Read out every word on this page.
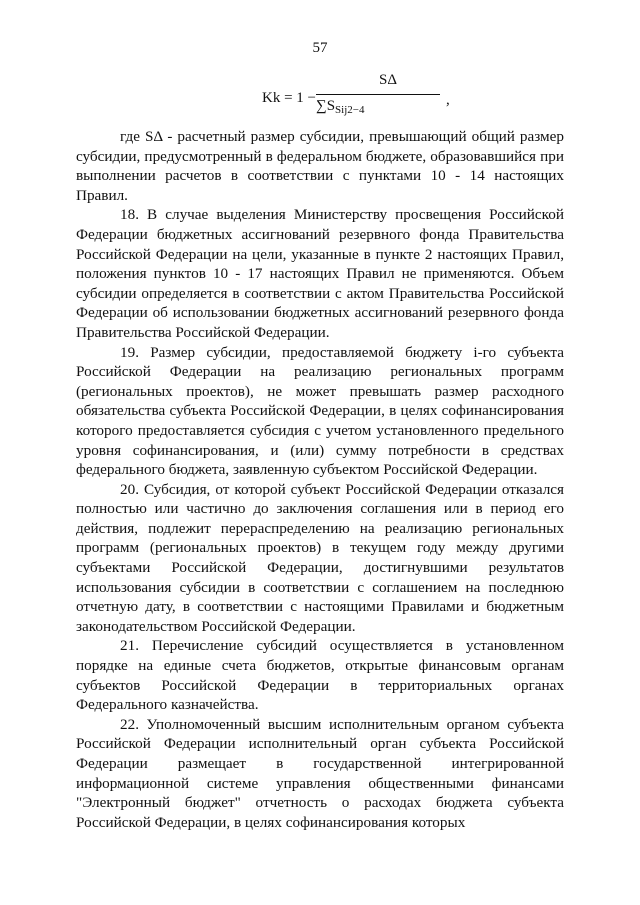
57
Kk = 1 −
SΔ
$\sum S_{Sij2-4}$
,

где SΔ - расчетный размер субсидии, превышающий общий размер субсидии, предусмотренный в федеральном бюджете, образовавшийся при выполнении расчетов в соответствии с пунктами 10 - 14 настоящих Правил.

18. В случае выделения Министерству просвещения Российской Федерации бюджетных ассигнований резервного фонда Правительства Российской Федерации на цели, указанные в пункте 2 настоящих Правил, положения пунктов 10 - 17 настоящих Правил не применяются. Объем субсидии определяется в соответствии с актом Правительства Российской Федерации об использовании бюджетных ассигнований резервного фонда Правительства Российской Федерации.

19. Размер субсидии, предоставляемой бюджету i-го субъекта Российской Федерации на реализацию региональных программ (региональных проектов), не может превышать размер расходного обязательства субъекта Российской Федерации, в целях софинансирования которого предоставляется субсидия с учетом установленного предельного уровня софинансирования, и (или) сумму потребности в средствах федерального бюджета, заявленную субъектом Российской Федерации.

20. Субсидия, от которой субъект Российской Федерации отказался полностью или частично до заключения соглашения или в период его действия, подлежит перераспределению на реализацию региональных программ (региональных проектов) в текущем году между другими субъектами Российской Федерации, достигнувшими результатов использования субсидии в соответствии с соглашением на последнюю отчетную дату, в соответствии с настоящими Правилами и бюджетным законодательством Российской Федерации.

21. Перечисление субсидий осуществляется в установленном порядке на единые счета бюджетов, открытые финансовым органам субъектов Российской Федерации в территориальных органах Федерального казначейства.

22. Уполномоченный высшим исполнительным органом субъекта Российской Федерации исполнительный орган субъекта Российской Федерации размещает в государственной интегрированной информационной системе управления общественными финансами "Электронный бюджет" отчетность о расходах бюджета субъекта Российской Федерации, в целях софинансирования которых
